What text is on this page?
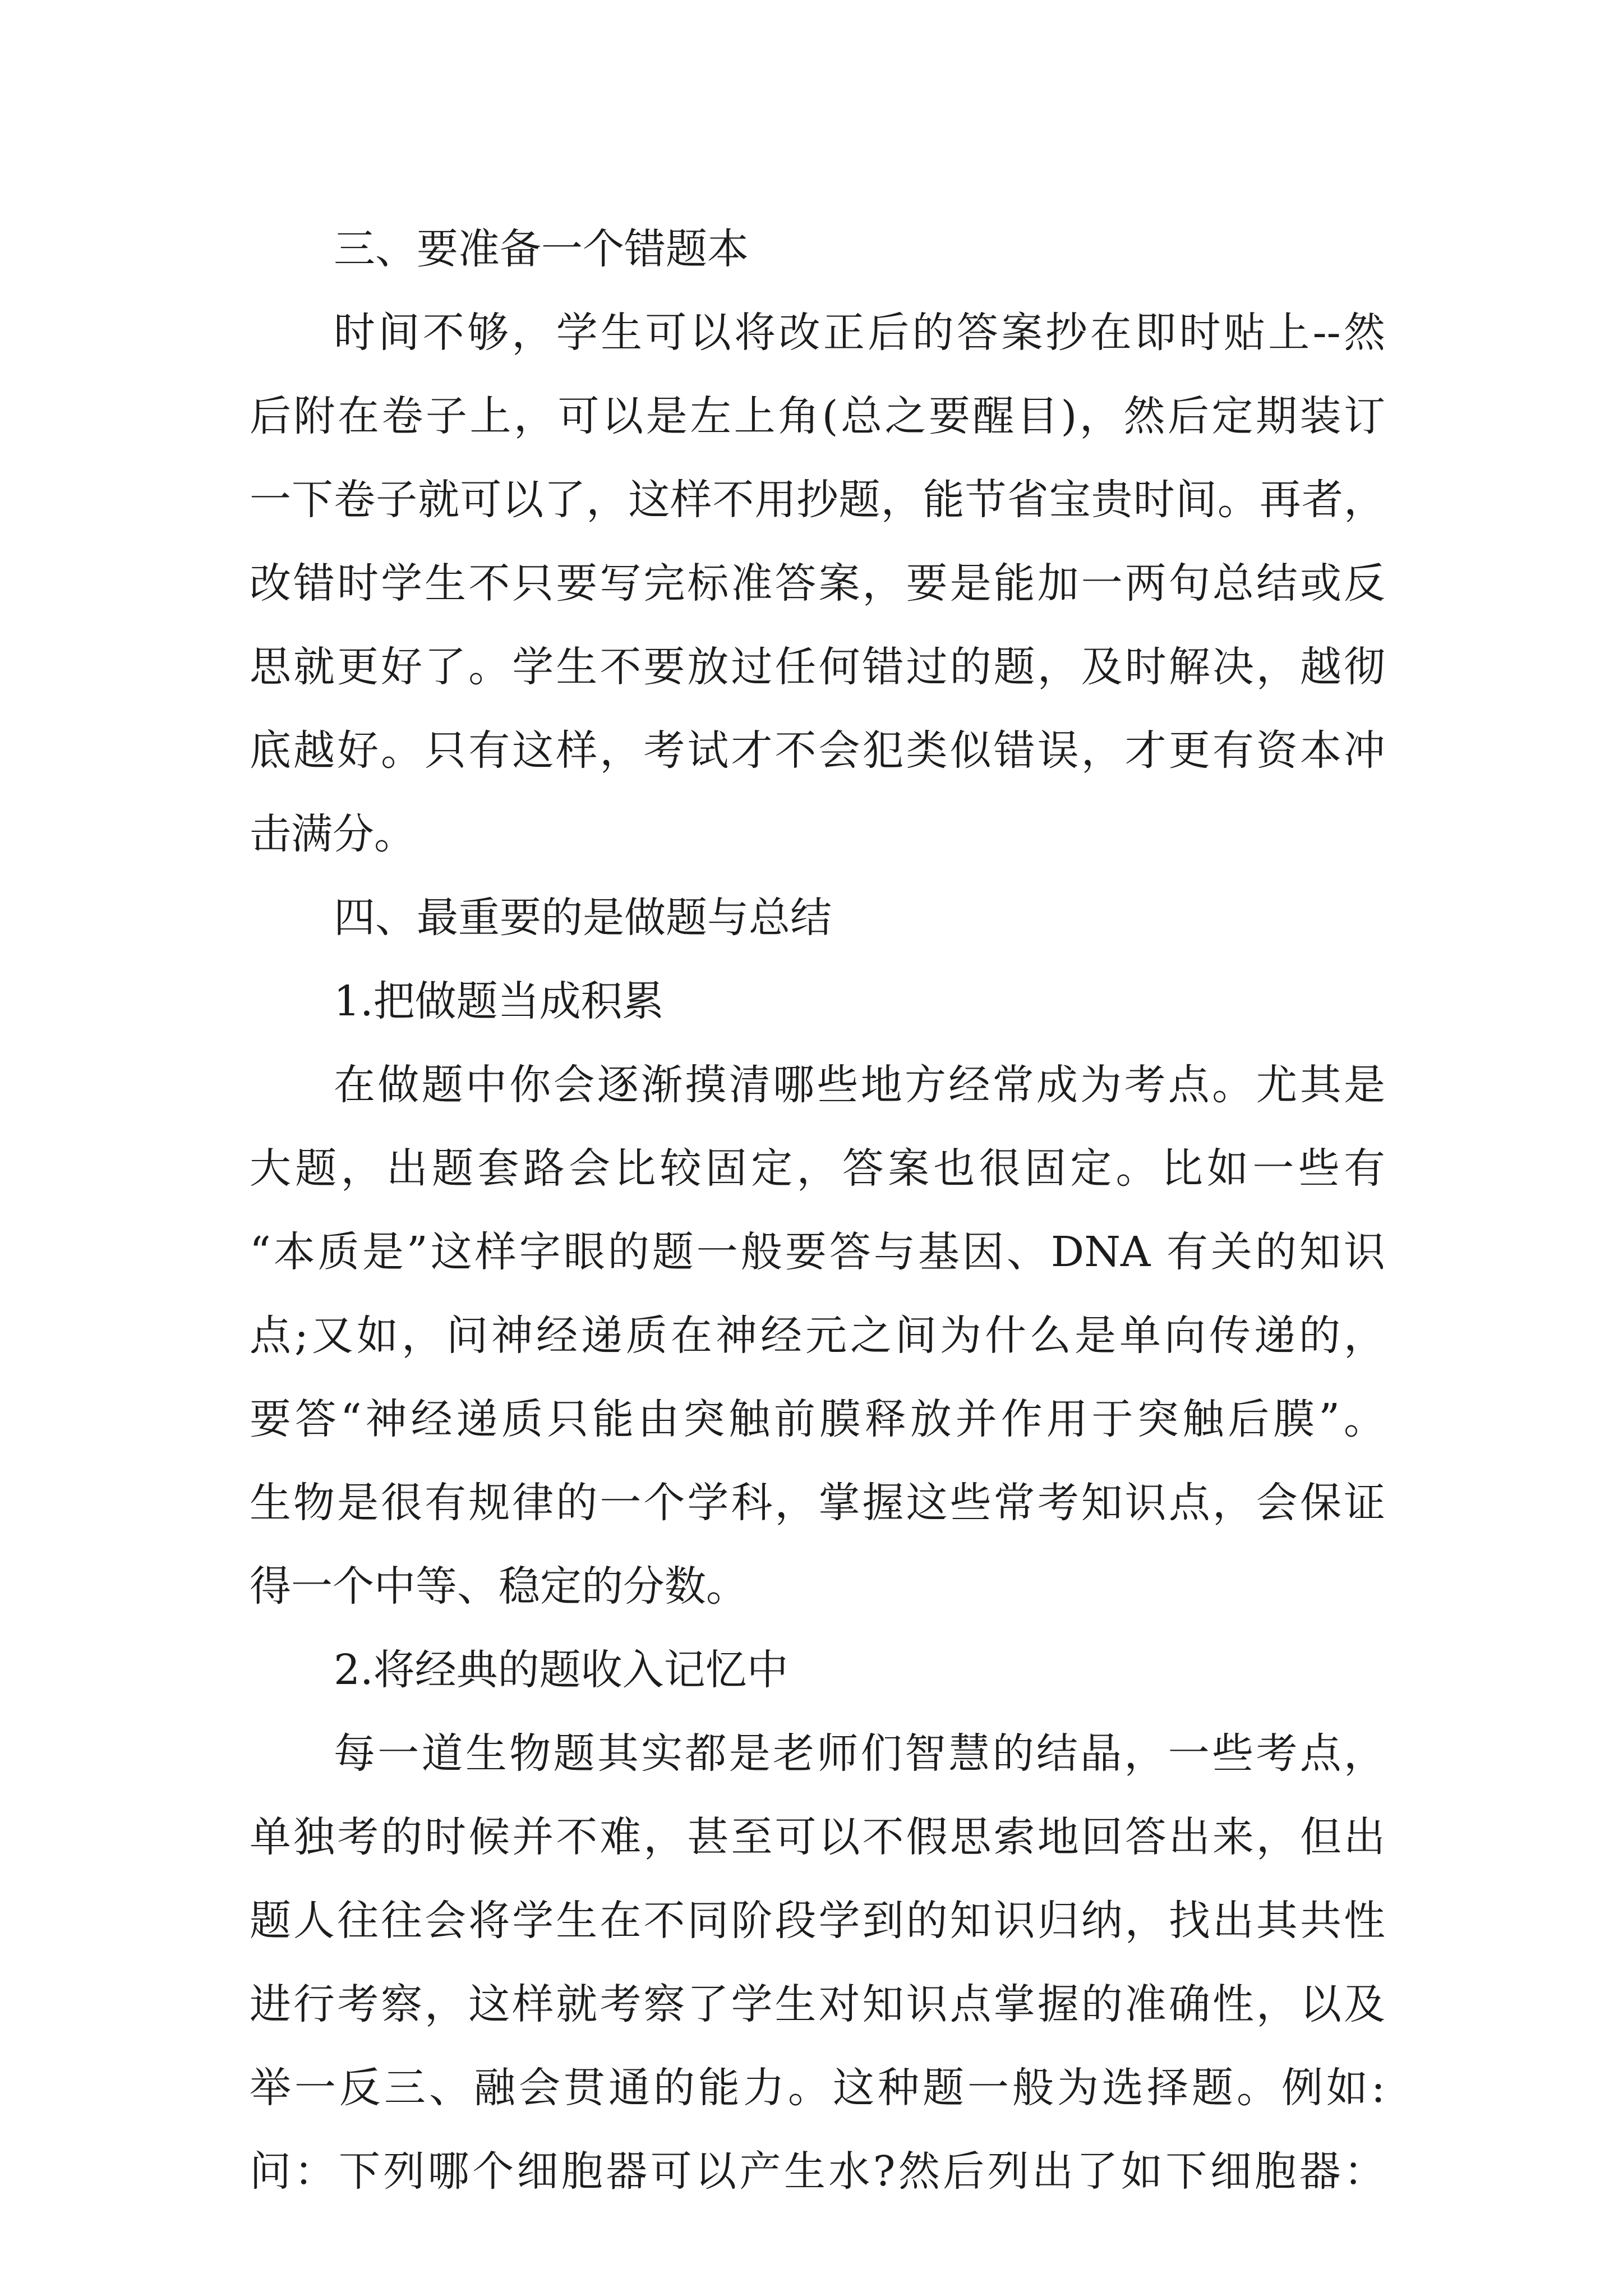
三、要准备一个错题本
时间不够，学生可以将改正后的答案抄在即时贴上--然
后附在卷子上，可以是左上角(总之要醒目)，然后定期装订
一下卷子就可以了，这样不用抄题，能节省宝贵时间。再者，
改错时学生不只要写完标准答案，要是能加一两句总结或反
思就更好了。学生不要放过任何错过的题，及时解决，越彻
底越好。只有这样，考试才不会犯类似错误，才更有资本冲
击满分。
四、最重要的是做题与总结
1.把做题当成积累
在做题中你会逐渐摸清哪些地方经常成为考点。尤其是
大题，出题套路会比较固定，答案也很固定。比如一些有
“本质是”这样字眼的题一般要答与基因、DNA 有关的知识
点;又如，问神经递质在神经元之间为什么是单向传递的，
要答“神经递质只能由突触前膜释放并作用于突触后膜”。
生物是很有规律的一个学科，掌握这些常考知识点，会保证
得一个中等、稳定的分数。
2.将经典的题收入记忆中
每一道生物题其实都是老师们智慧的结晶，一些考点，
单独考的时候并不难，甚至可以不假思索地回答出来，但出
题人往往会将学生在不同阶段学到的知识归纳，找出其共性
进行考察，这样就考察了学生对知识点掌握的准确性，以及
举一反三、融会贯通的能力。这种题一般为选择题。例如:
问：下列哪个细胞器可以产生水?然后列出了如下细胞器：
